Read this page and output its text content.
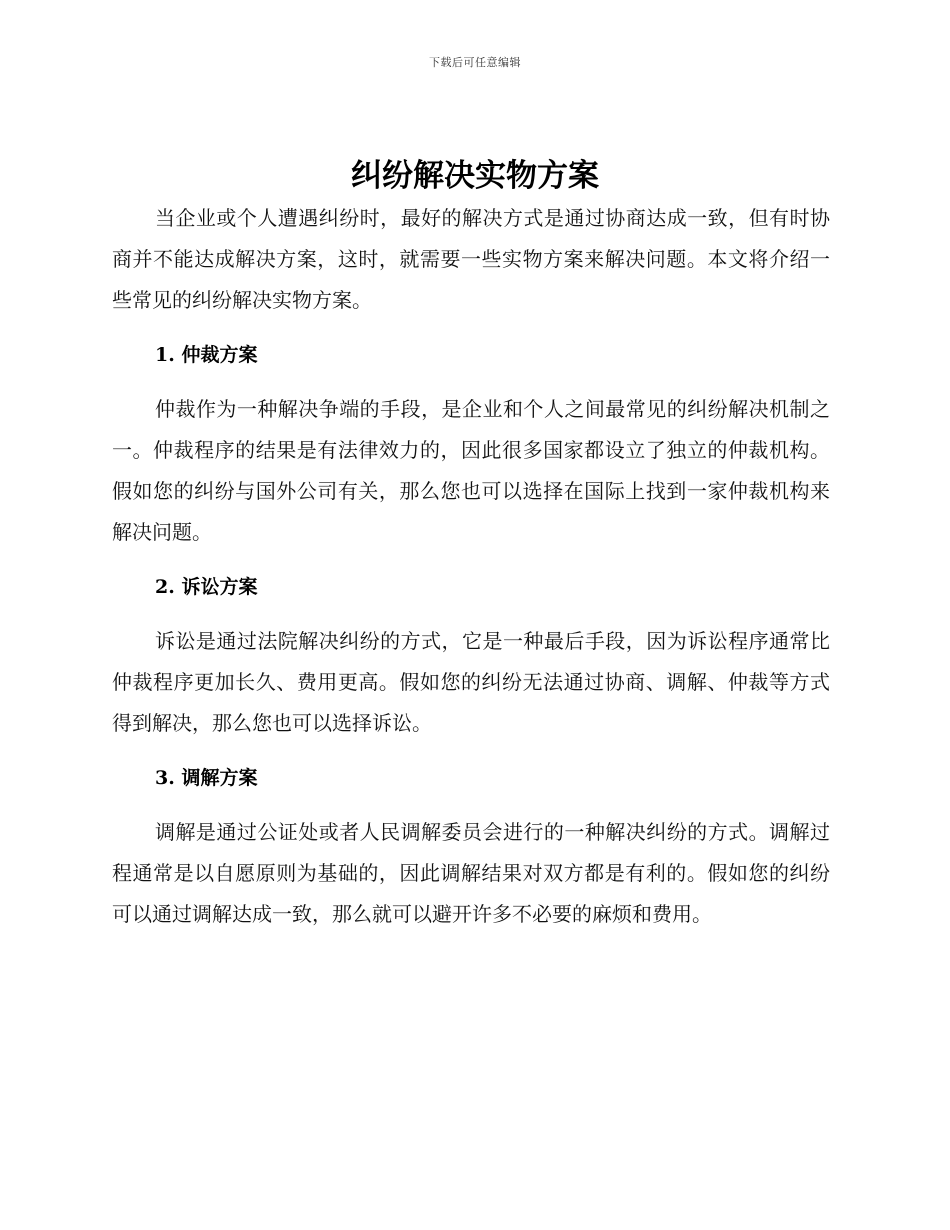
下载后可任意编辑
纠纷解决实物方案

当企业或个人遭遇纠纷时，最好的解决方式是通过协商达成一致，但有时协商并不能达成解决方案，这时，就需要一些实物方案来解决问题。本文将介绍一些常见的纠纷解决实物方案。

1. 仲裁方案

仲裁作为一种解决争端的手段，是企业和个人之间最常见的纠纷解决机制之一。仲裁程序的结果是有法律效力的，因此很多国家都设立了独立的仲裁机构。假如您的纠纷与国外公司有关，那么您也可以选择在国际上找到一家仲裁机构来解决问题。

2. 诉讼方案

诉讼是通过法院解决纠纷的方式，它是一种最后手段，因为诉讼程序通常比仲裁程序更加长久、费用更高。假如您的纠纷无法通过协商、调解、仲裁等方式得到解决，那么您也可以选择诉讼。

3. 调解方案

调解是通过公证处或者人民调解委员会进行的一种解决纠纷的方式。调解过程通常是以自愿原则为基础的，因此调解结果对双方都是有利的。假如您的纠纷可以通过调解达成一致，那么就可以避开许多不必要的麻烦和费用。
